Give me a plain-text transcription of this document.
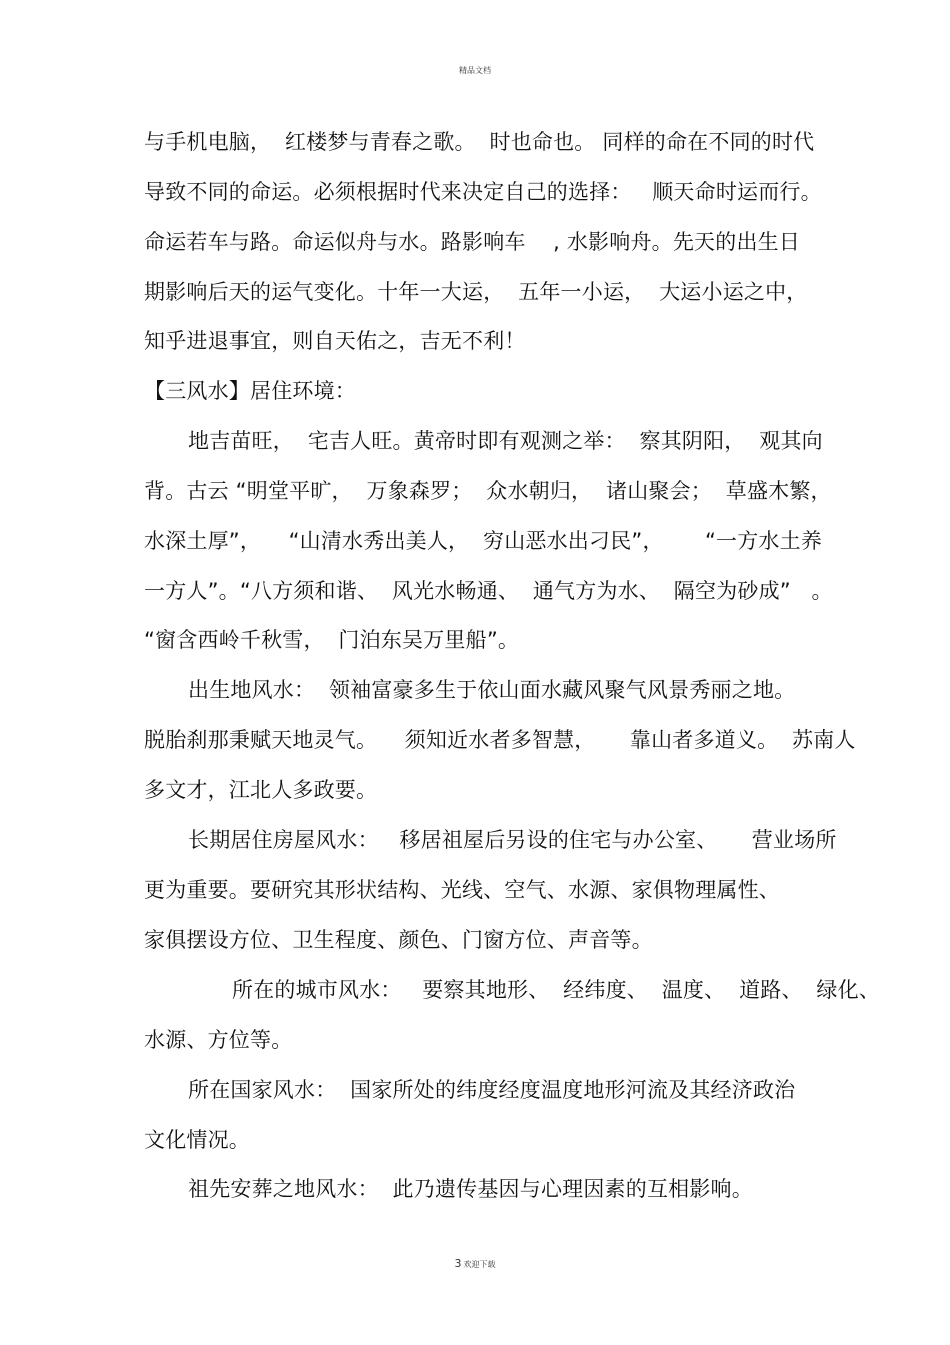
精品文档
与手机电脑，  红楼梦与青春之歌。  时也命也。 同样的命在不同的时代
导致不同的命运。必须根据时代来决定自己的选择：   顺天命时运而行。
命运若车与路。命运似舟与水。路影响车    , 水影响舟。先天的出生日
期影响后天的运气变化。十年一大运，  五年一小运，  大运小运之中，
知乎进退事宜，则自天佑之，吉无不利！
【三风水】居住环境：
地吉苗旺，  宅吉人旺。黄帝时即有观测之举：  察其阴阳，  观其向
背。古云 “明堂平旷，  万象森罗；  众水朝归，  诸山聚会；  草盛木繁，
水深土厚”，    “山清水秀出美人，  穷山恶水出刁民”，      “一方水土养
一方人”。“八方须和谐、  风光水畅通、  通气方为水、  隔空为砂成”   。
“窗含西岭千秋雪，  门泊东吴万里船”。
出生地风水：  领袖富豪多生于依山面水藏风聚气风景秀丽之地。
脱胎刹那秉赋天地灵气。    须知近水者多智慧，     靠山者多道义。  苏南人
多文才，江北人多政要。
长期居住房屋风水：   移居祖屋后另设的住宅与办公室、     营业场所
更为重要。要研究其形状结构、光线、空气、水源、家俱物理属性、
家俱摆设方位、卫生程度、颜色、门窗方位、声音等。
所在的城市风水：   要察其地形、  经纬度、  温度、  道路、  绿化、
水源、方位等。
所在国家风水：  国家所处的纬度经度温度地形河流及其经济政治
文化情况。
祖先安葬之地风水：  此乃遗传基因与心理因素的互相影响。
3 欢迎下载
